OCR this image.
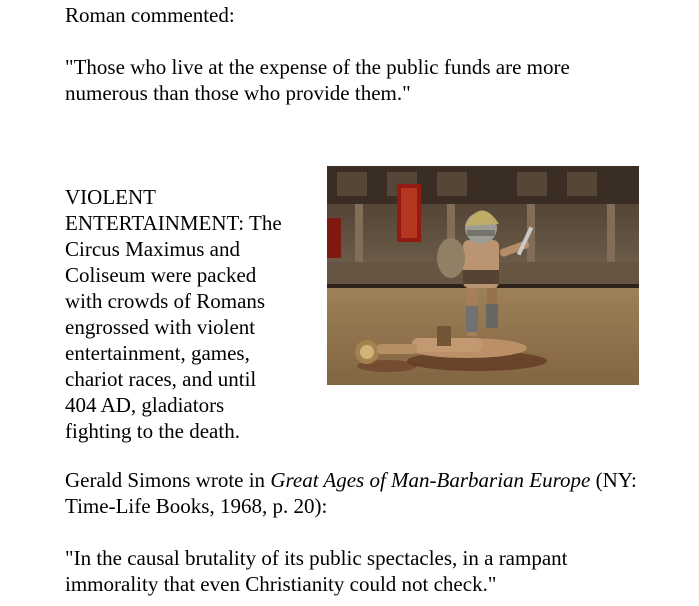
Roman commented:

"Those who live at the expense of the public funds are more
numerous than those who provide them."

VIOLENT
ENTERTAINMENT: The
Circus Maximus and
Coliseum were packed
with crowds of Romans
engrossed with violent
entertainment, games,
chariot races, and until
404 AD, gladiators
fighting to the death.

Gerald Simons wrote in Great Ages of Man-Barbarian Europe (NY:
Time-Life Books, 1968, p. 20):

"In the causal brutality of its public spectacles, in a rampant
immorality that even Christianity could not check."
